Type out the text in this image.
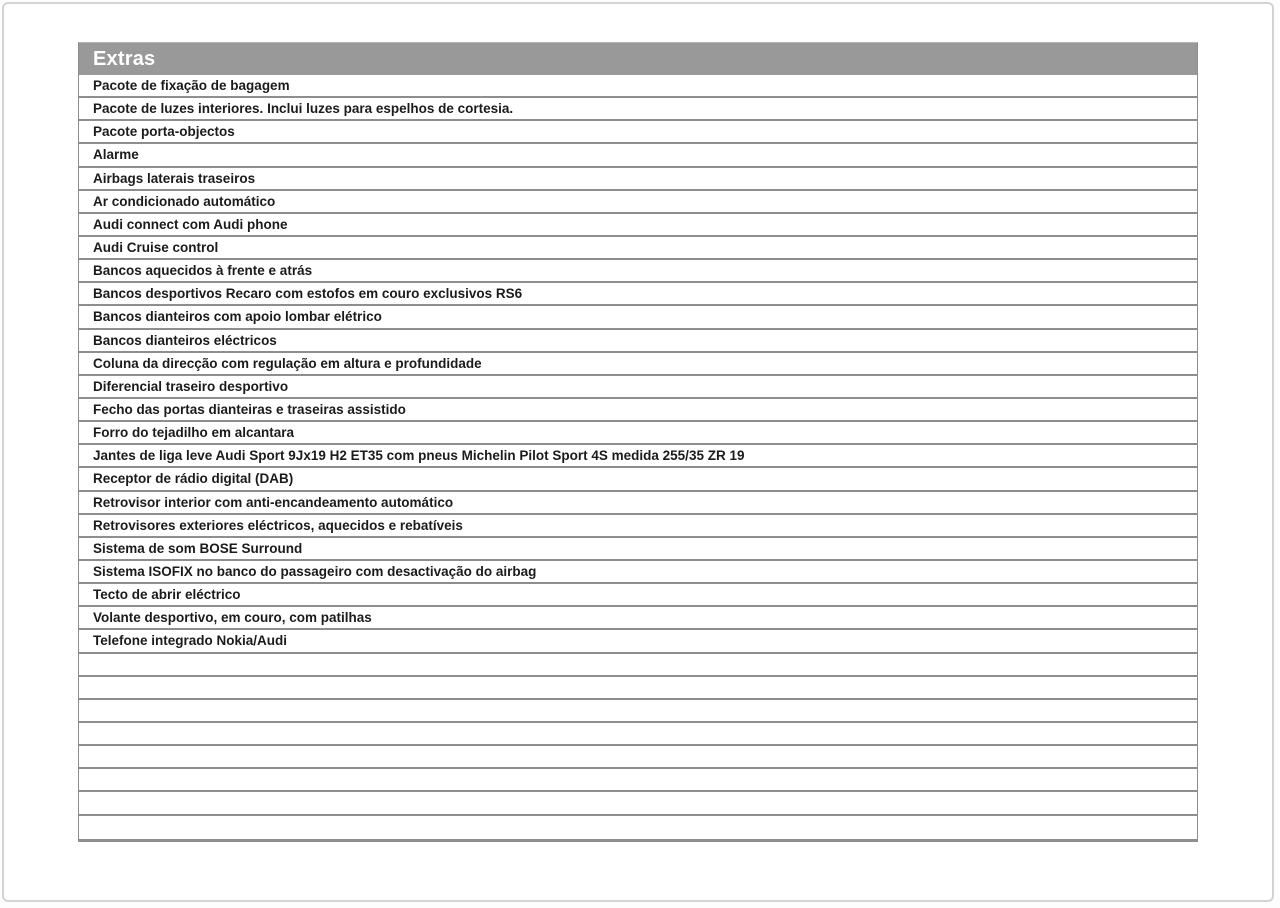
Extras
Pacote de fixação de bagagem
Pacote de luzes interiores. Inclui luzes para espelhos de cortesia.
Pacote porta-objectos
Alarme
Airbags laterais traseiros
Ar condicionado automático
Audi connect com Audi phone
Audi Cruise control
Bancos aquecidos à frente e atrás
Bancos desportivos Recaro com estofos em couro exclusivos RS6
Bancos dianteiros com apoio lombar elétrico
Bancos dianteiros eléctricos
Coluna da direcção com regulação em altura e profundidade
Diferencial traseiro desportivo
Fecho das portas dianteiras e traseiras assistido
Forro do tejadilho em alcantara
Jantes de liga leve Audi Sport 9Jx19 H2 ET35 com pneus Michelin Pilot Sport 4S medida 255/35 ZR 19
Receptor de rádio digital (DAB)
Retrovisor interior com anti-encandeamento automático
Retrovisores exteriores eléctricos, aquecidos e rebatíveis
Sistema de som BOSE Surround
Sistema ISOFIX no banco do passageiro com desactivação do airbag
Tecto de abrir eléctrico
Volante desportivo, em couro, com patilhas
Telefone integrado Nokia/Audi
